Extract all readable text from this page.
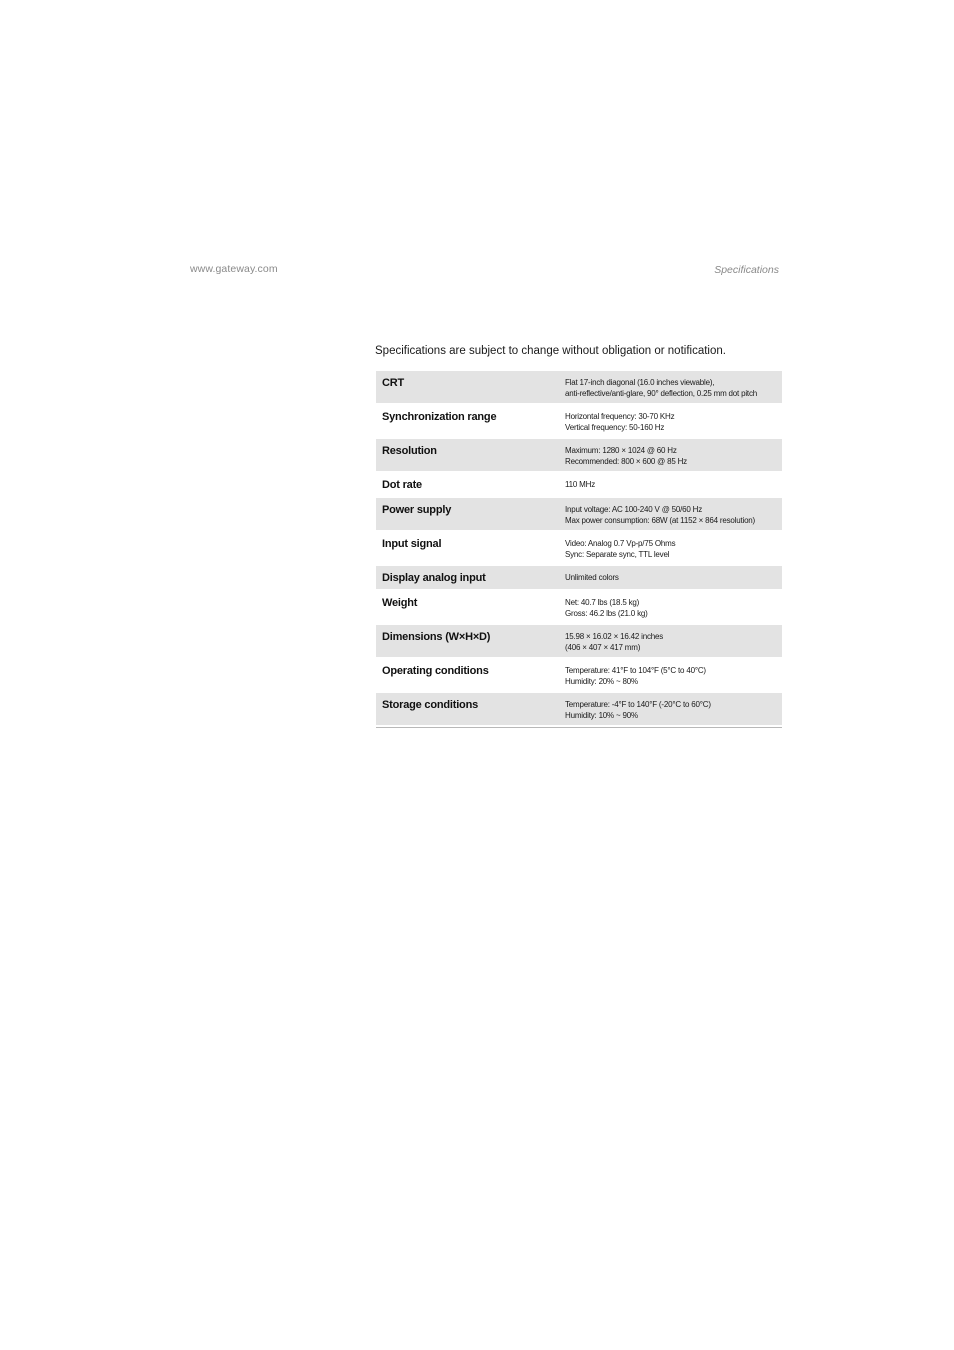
www.gateway.com	Specifications
Specifications are subject to change without obligation or notification.
CRT	Flat 17-inch diagonal (16.0 inches viewable),
anti-reflective/anti-glare, 90° deflection, 0.25 mm dot pitch
Synchronization range	Horizontal frequency: 30-70 KHz
Vertical frequency: 50-160 Hz
Resolution	Maximum: 1280 × 1024 @ 60 Hz
Recommended: 800 × 600 @ 85 Hz
Dot rate	110 MHz
Power supply	Input voltage: AC 100-240 V @ 50/60 Hz
Max power consumption: 68W (at 1152 × 864 resolution)
Input signal	Video: Analog 0.7 Vp-p/75 Ohms
Sync: Separate sync, TTL level
Display analog input	Unlimited colors
Weight	Net: 40.7 lbs (18.5 kg)
Gross: 46.2 lbs (21.0 kg)
Dimensions (W×H×D)	15.98 × 16.02 × 16.42 inches
(406 × 407 × 417 mm)
Operating conditions	Temperature: 41°F to 104°F (5°C to 40°C)
Humidity: 20% ~ 80%
Storage conditions	Temperature: -4°F to 140°F (-20°C to 60°C)
Humidity: 10% ~ 90%
